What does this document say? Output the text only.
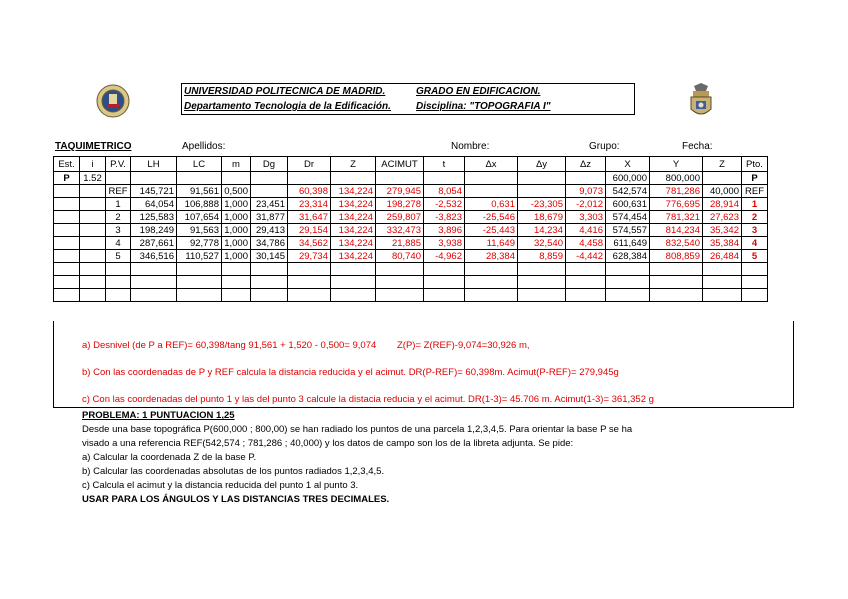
UNIVERSIDAD POLITECNICA DE MADRID.
Departamento Tecnologia de la Edificación.
GRADO EN EDIFICACION.
Disciplina: "TOPOGRAFIA I"
TAQUIMETRICO	Apellidos:	Nombre:	Grupo:	Fecha:
Est.	i	P.V.	LH	LC	m	Dg	Dr	Z	ACIMUT	t	Δx	Δy	Δz	X	Y	Z	Pto.
P	1.52													600,000	800,000		P
		REF	145,721	91,561	0,500		60,398	134,224	279,945	8,054			9,073	542,574	781,286	40,000	REF
		1	64,054	106,888	1,000	23,451	23,314	134,224	198,278	-2,532	0,631	-23,305	-2,012	600,631	776,695	28,914	1
		2	125,583	107,654	1,000	31,877	31,647	134,224	259,807	-3,823	-25,546	18,679	3,303	574,454	781,321	27,623	2
		3	198,249	91,563	1,000	29,413	29,154	134,224	332,473	3,896	-25,443	14,234	4,416	574,557	814,234	35,342	3
		4	287,661	92,778	1,000	34,786	34,562	134,224	21,885	3,938	11,649	32,540	4,458	611,649	832,540	35,384	4
		5	346,516	110,527	1,000	30,145	29,734	134,224	80,740	-4,962	28,384	8,859	-4,442	628,384	808,859	26,484	5

a) Desnivel (de P a REF)= 60,398/tang 91,561 + 1,520 - 0,500= 9,074 Z(P)= Z(REF)-9,074=30,926 m,
b) Con las coordenadas de P y REF calcula la distancia reducida y el acimut. DR(P-REF)= 60,398m. Acimut(P-REF)= 279,945g
c) Con las coordenadas del punto 1 y las del punto 3 calcule la distacia reducia y el acimut. DR(1-3)= 45.706 m. Acimut(1-3)= 361,352 g
PROBLEMA: 1 PUNTUACION 1,25
Desde una base topográfica P(600,000 ; 800,00) se han radiado los puntos de una parcela 1,2,3,4,5. Para orientar la base P se ha
visado a una referencia REF(542,574 ; 781,286 ; 40,000) y los datos de campo son los de la libreta adjunta. Se pide:
a) Calcular la coordenada Z de la base P.
b) Calcular las coordenadas absolutas de los puntos radiados 1,2,3,4,5.
c) Calcula el acimut y la distancia reducida del punto 1 al punto 3.
USAR PARA LOS ÁNGULOS Y LAS DISTANCIAS TRES DECIMALES.
